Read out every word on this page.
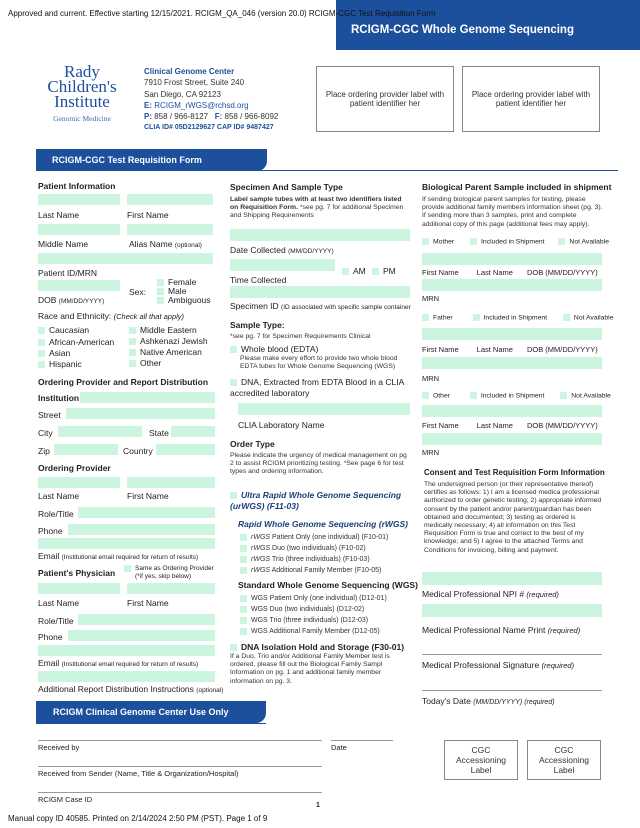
Approved and current. Effective starting 12/15/2021. RCIGM_QA_046 (version 20.0) RCIGM-CGC Test Requisition Form
RCIGM-CGC Whole Genome Sequencing
Rady
Children's
Institute
Genomic Medicine
Clinical Genome Center
7910 Frost Street, Suite 240
San Diego, CA 92123
E: RCIGM_rWGS@rchsd.org
P: 858 / 966-8127 F: 858 / 966-8092
CLIA ID# 05D2129627 CAP ID# 9487427
Place ordering provider label with patient identifier her
Place ordering provider label with patient identifier her
RCIGM-CGC Test Requisition Form
Patient Information
Last Name	First Name
Middle Name	Alias Name (optional)
Patient ID/MRN
DOB (MM/DD/YYYY)
Sex:
Female
Male
Ambiguous
Race and Ethnicity: (Check all that apply)
Caucasian
African-American
Asian
Hispanic
Middle Eastern
Ashkenazi Jewish
Native American
Other
Ordering Provider and Report Distribution
Institution
Street
City	State
Zip	Country
Ordering Provider
Last Name	First Name
Role/Title
Phone
Email (Institutional email required for return of results)
Patient's Physician	Same as Ordering Provider
(*if yes, skip below)
Last Name	First Name
Role/Title
Phone
Email (Institutional email required for return of results)
Additional Report Distribution Instructions (optional)
Specimen And Sample Type
Label sample tubes with at least two identifiers listed on Requisition Form. *see pg. 7 for additional Specimen and Shipping Requirements
Date Collected (MM/DD/YYYY)
AM	PM
Time Collected
Specimen ID (ID associated with specific sample container
Sample Type:
*see pg. 7 for Specimen Requirements Clinical
Whole blood (EDTA)
Please make every effort to provide two whole blood EDTA tubes for Whole Genome Sequencing (WGS)
DNA, Extracted from EDTA Blood in a CLIA accredited laboratory
CLIA Laboratory Name
Order Type
Please indicate the urgency of medical management on pg 2 to assist RCIGM prioritizing testing. *See page 6 for test types and ordering information.
Ultra Rapid Whole Genome Sequencing (urWGS) (F11-03)
Rapid Whole Genome Sequencing (rWGS)
rWGS Patient Only (one individual) (F10-01)
rWGS Duo (two individuals) (F10-02)
rWGS Trio (three individuals) (F10-03)
rWGS Additional Family Member (F10-05)
Standard Whole Genome Sequencing (WGS)
WGS Patient Only (one individual) (D12-01)
WGS Duo (two individuals) (D12-02)
WGS Trio (three individuals) (D12-03)
WGS Additional Family Member (D12-05)
DNA Isolation Hold and Storage (F30-01)
If a Duo, Trio and/or Additional Family Member test is ordered, please fill out the Biological Family Sampl Information on pg. 1 and additional family member information on pg. 3.
Biological Parent Sample included in shipment
If sending biological parent samples for testing, please provide additional family members information sheet (pg. 3). If sending more than 3 samples, print and complete additional copy of this page (additional fees may apply).
Mother	Included in Shipment	Not Available
First Name Last Name DOB (MM/DD/YYYY)
MRN
Father	Included in Shipment	Not Available
First Name Last Name DOB (MM/DD/YYYY)
MRN
Other	Included in Shipment	Not Available
First Name Last Name DOB (MM/DD/YYYY)
MRN
Consent and Test Requisition Form Information
The undersigned person (or their representative thereof) certifies as follows: 1) I am a licensed medica professional authorized to order genetic testing; 2) appropriate informed consent by the patient and/or parent/guardian has been obtained and documented; 3) testing as ordered is medically necessary; 4) all information on this Test Requisition Form is true and correct to the best of my knowledge; and 5) I agree to the attached Terms and Conditions for invoicing, billing and payment.
Medical Professional NPI # (required)
Medical Professional Name Print (required)
Medical Professional Signature (required)
Today's Date (MM/DD/YYYY) (required)
RCIGM Clinical Genome Center Use Only
Received by	Date
Received from Sender (Name, Title & Organization/Hospital)
RCIGM Case ID
CGC Accessioning Label
CGC Accessioning Label
1
Manual copy ID 40585. Printed on 2/14/2024 2:50 PM (PST). Page 1 of 9
